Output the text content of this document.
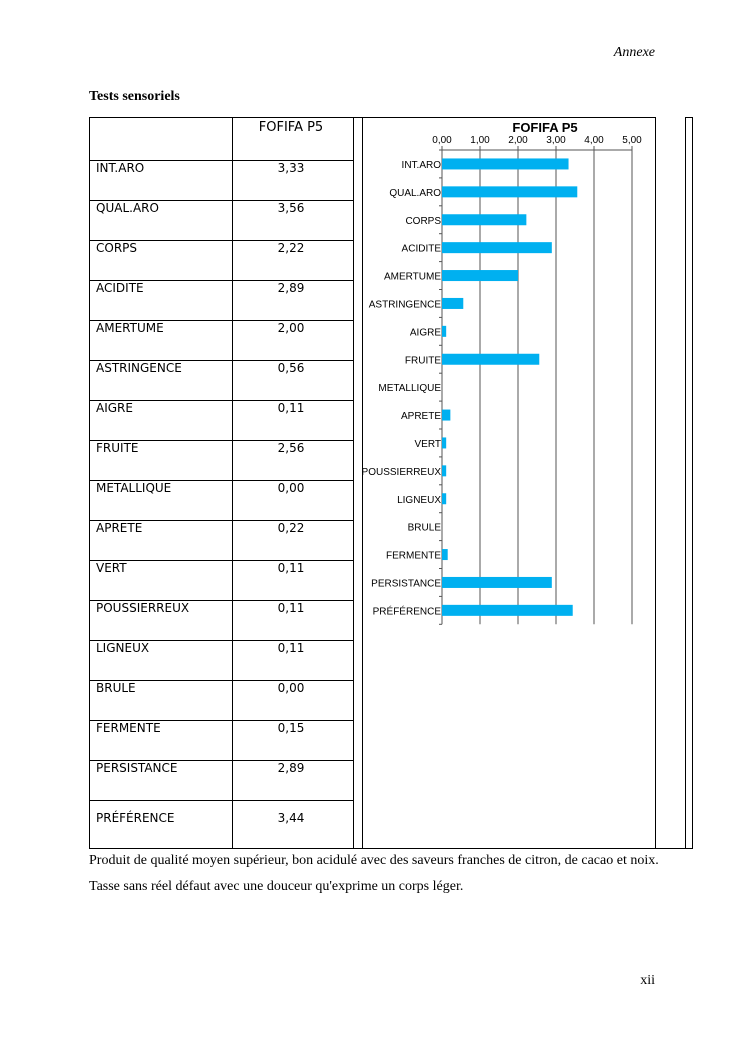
Annexe
Tests sensoriels
FOFIFA P5
INT.ARO	3,33
QUAL.ARO	3,56
CORPS	2,22
ACIDITE	2,89
AMERTUME	2,00
ASTRINGENCE	0,56
AIGRE	0,11
FRUITE	2,56
METALLIQUE	0,00
APRETE	0,22
VERT	0,11
POUSSIERREUX	0,11
LIGNEUX	0,11
BRULE	0,00
FERMENTE	0,15
PERSISTANCE	2,89
PRÉFÉRENCE	3,44
FOFIFA P5
0,00 1,00 2,00 3,00 4,00 5,00
INT.ARO
QUAL.ARO
CORPS
ACIDITE
AMERTUME
ASTRINGENCE
AIGRE
FRUITE
METALLIQUE
APRETE
VERT
POUSSIERREUX
LIGNEUX
BRULE
FERMENTE
PERSISTANCE
PRÉFÉRENCE
Produit de qualité moyen supérieur, bon acidulé avec des saveurs franches de citron, de cacao et noix. Tasse sans réel défaut avec une douceur qu'exprime un corps léger.
xii
